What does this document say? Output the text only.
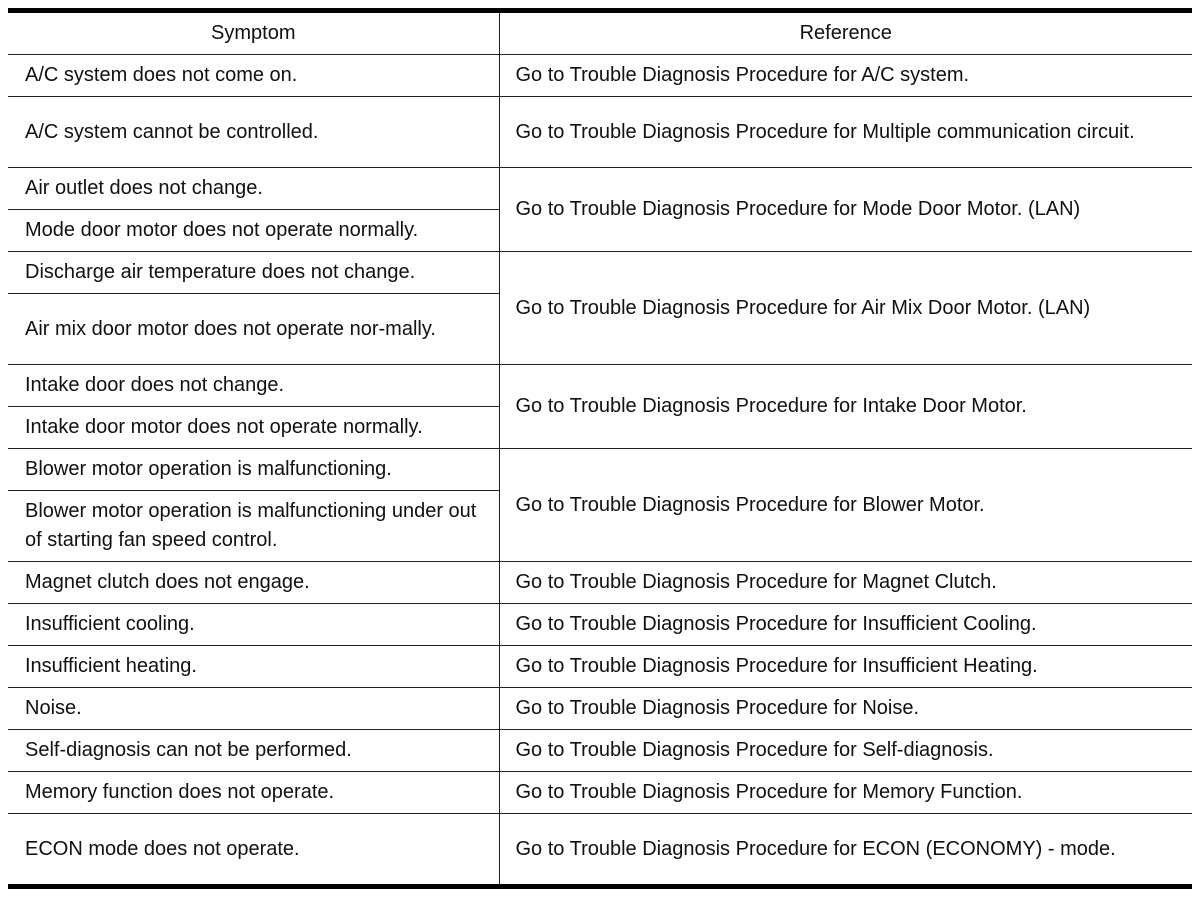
Symptom	Reference
A/C system does not come on.	Go to Trouble Diagnosis Procedure for A/C system.
A/C system cannot be controlled.	Go to Trouble Diagnosis Procedure for Multiple communication circuit.
Air outlet does not change.	Go to Trouble Diagnosis Procedure for Mode Door Motor. (LAN)
Mode door motor does not operate normally.	
Discharge air temperature does not change.	Go to Trouble Diagnosis Procedure for Air Mix Door Motor. (LAN)
Air mix door motor does not operate nor-mally.	
Intake door does not change.	Go to Trouble Diagnosis Procedure for Intake Door Motor.
Intake door motor does not operate normally.	
Blower motor operation is malfunctioning.	Go to Trouble Diagnosis Procedure for Blower Motor.
Blower motor operation is malfunctioning under out of starting fan speed control.	
Magnet clutch does not engage.	Go to Trouble Diagnosis Procedure for Magnet Clutch.
Insufficient cooling.	Go to Trouble Diagnosis Procedure for Insufficient Cooling.
Insufficient heating.	Go to Trouble Diagnosis Procedure for Insufficient Heating.
Noise.	Go to Trouble Diagnosis Procedure for Noise.
Self-diagnosis can not be performed.	Go to Trouble Diagnosis Procedure for Self-diagnosis.
Memory function does not operate.	Go to Trouble Diagnosis Procedure for Memory Function.
ECON mode does not operate.	Go to Trouble Diagnosis Procedure for ECON (ECONOMY) - mode.
